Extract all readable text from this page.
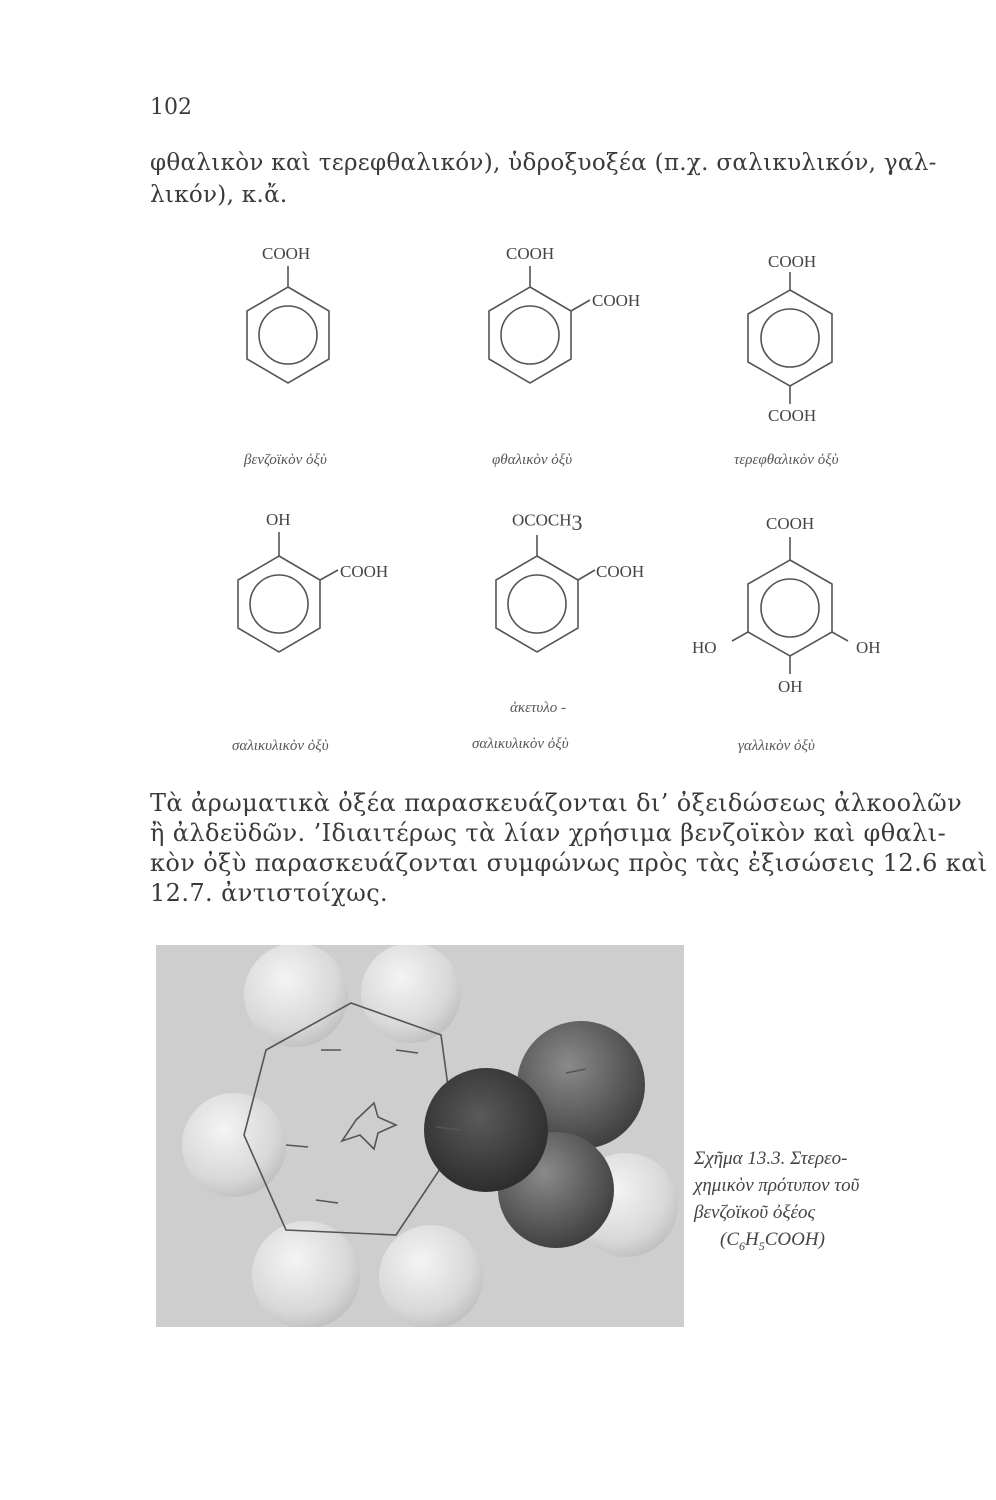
102
φθαλικὸν καὶ τερεφθαλικόν), ὑδροξυοξέα (π.χ. σαλικυλικόν, γαλ-
λικόν), κ.ἄ.
COOH
βενζοϊκὸν ὀξὺ
COOH
COOH
φθαλικὸν ὀξὺ
COOH
COOH
τερεφθαλικὸν ὀξὺ
OH
COOH
σαλικυλικὸν ὀξὺ
$OCOCH_3$
COOH
ἀκετυλο -
σαλικυλικὸν ὀξὺ
COOH
HO	OH
OH
γαλλικὸν ὀξὺ
Τὰ ἀρωματικὰ ὀξέα παρασκευάζονται δι’ ὀξειδώσεως ἀλκοολῶν
ἢ ἀλδεϋδῶν. ’Ιδιαιτέρως τὰ λίαν χρήσιμα βενζοϊκὸν καὶ φθαλι-
κὸν ὀξὺ παρασκευάζονται συμφώνως πρὸς τὰς ἐξισώσεις 12.6 καὶ
12.7. ἀντιστοίχως.
Σχῆμα 13.3. Στερεο-
χημικὸν πρότυπον τοῦ
βενζοϊκοῦ ὀξέος
$(C_6H_5COOH)$
